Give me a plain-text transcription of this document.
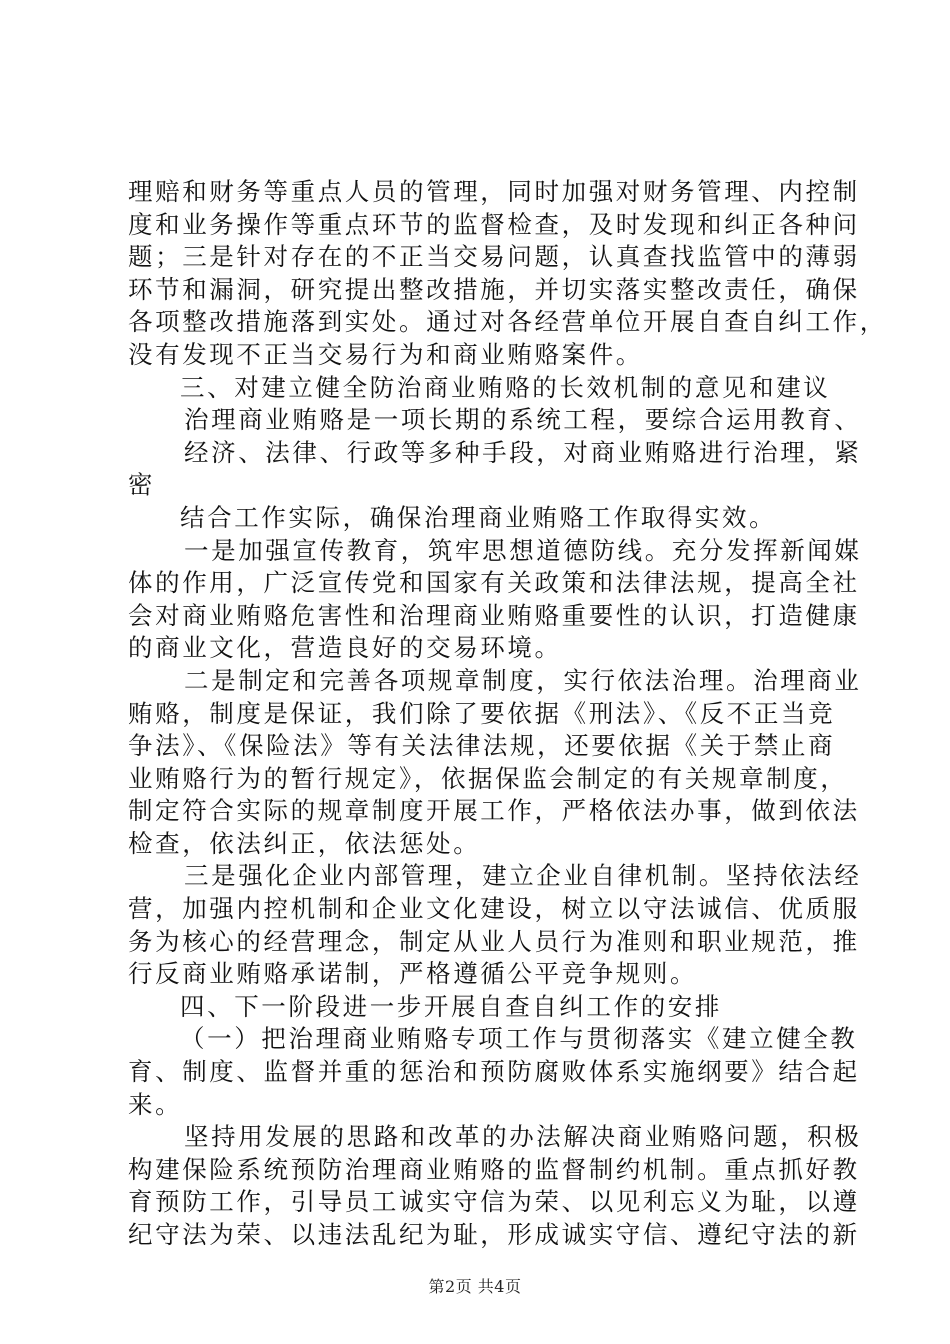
理赔和财务等重点人员的管理，同时加强对财务管理、内控制
度和业务操作等重点环节的监督检查，及时发现和纠正各种问
题；三是针对存在的不正当交易问题，认真查找监管中的薄弱
环节和漏洞，研究提出整改措施，并切实落实整改责任，确保
各项整改措施落到实处。通过对各经营单位开展自查自纠工作，
没有发现不正当交易行为和商业贿赂案件。
三、对建立健全防治商业贿赂的长效机制的意见和建议
治理商业贿赂是一项长期的系统工程，要综合运用教育、
经济、法律、行政等多种手段，对商业贿赂进行治理，紧
密
结合工作实际，确保治理商业贿赂工作取得实效。
一是加强宣传教育，筑牢思想道德防线。充分发挥新闻媒
体的作用，广泛宣传党和国家有关政策和法律法规，提高全社
会对商业贿赂危害性和治理商业贿赂重要性的认识，打造健康
的商业文化，营造良好的交易环境。
二是制定和完善各项规章制度，实行依法治理。治理商业
贿赂，制度是保证，我们除了要依据《刑法》、《反不正当竞
争法》、《保险法》等有关法律法规，还要依据《关于禁止商
业贿赂行为的暂行规定》，依据保监会制定的有关规章制度，
制定符合实际的规章制度开展工作，严格依法办事，做到依法
检查，依法纠正，依法惩处。
三是强化企业内部管理，建立企业自律机制。坚持依法经
营，加强内控机制和企业文化建设，树立以守法诚信、优质服
务为核心的经营理念，制定从业人员行为准则和职业规范，推
行反商业贿赂承诺制，严格遵循公平竞争规则。
四、下一阶段进一步开展自查自纠工作的安排
（一）把治理商业贿赂专项工作与贯彻落实《建立健全教
育、制度、监督并重的惩治和预防腐败体系实施纲要》结合起
来。
坚持用发展的思路和改革的办法解决商业贿赂问题，积极
构建保险系统预防治理商业贿赂的监督制约机制。重点抓好教
育预防工作，引导员工诚实守信为荣、以见利忘义为耻，以遵
纪守法为荣、以违法乱纪为耻，形成诚实守信、遵纪守法的新
第2页 共4页
